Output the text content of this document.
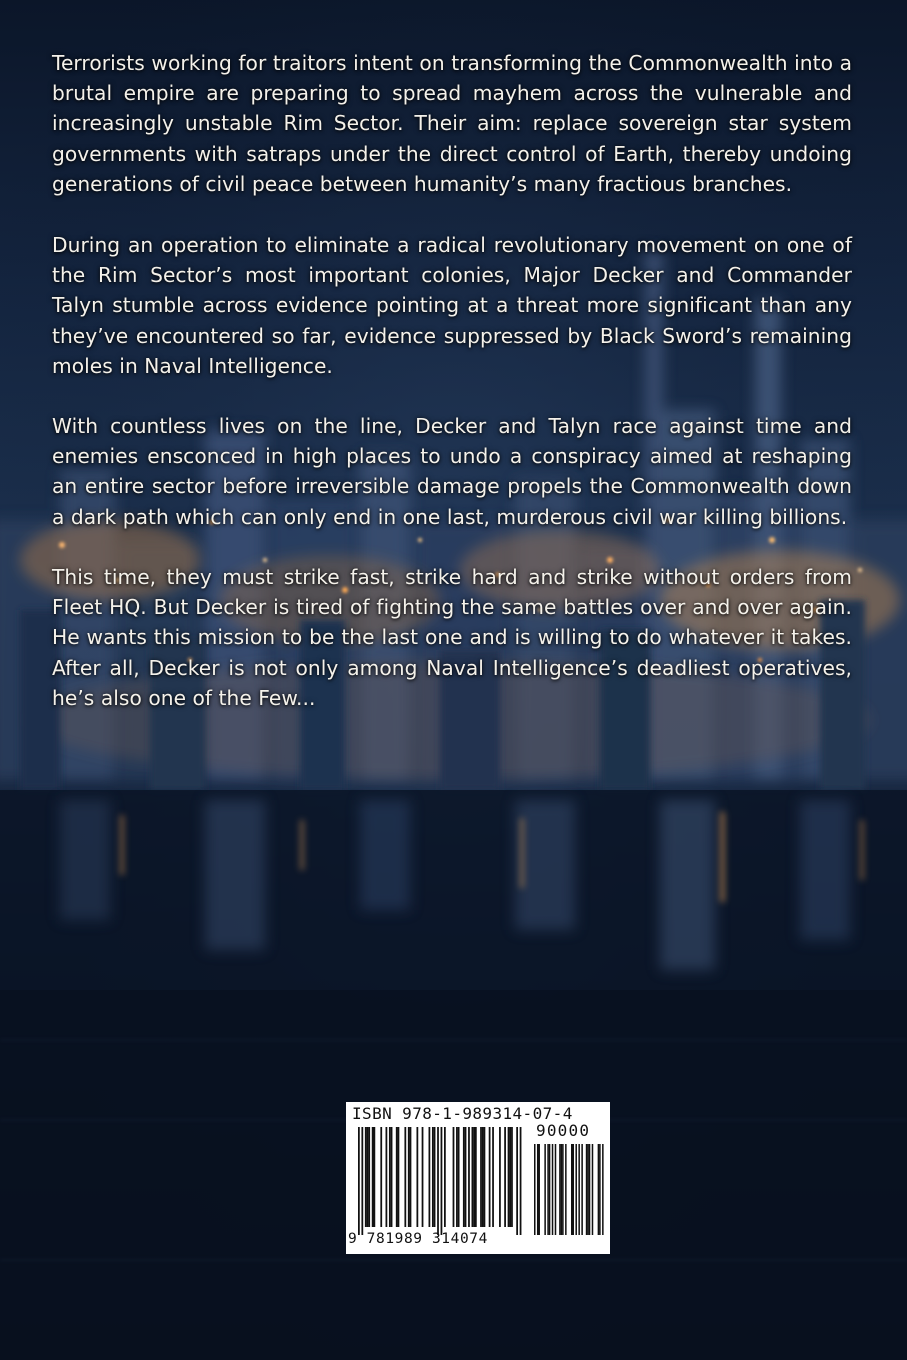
Terrorists working for traitors intent on transforming the Commonwealth into a brutal empire are preparing to spread mayhem across the vulnerable and increasingly unstable Rim Sector. Their aim: replace sovereign star system governments with satraps under the direct control of Earth, thereby undoing generations of civil peace between humanity’s many fractious branches.

During an operation to eliminate a radical revolutionary movement on one of the Rim Sector’s most important colonies, Major Decker and Commander Talyn stumble across evidence pointing at a threat more significant than any they’ve encountered so far, evidence suppressed by Black Sword’s remaining moles in Naval Intelligence.

With countless lives on the line, Decker and Talyn race against time and enemies ensconced in high places to undo a conspiracy aimed at reshaping an entire sector before irreversible damage propels the Commonwealth down a dark path which can only end in one last, murderous civil war killing billions.

This time, they must strike fast, strike hard and strike without orders from Fleet HQ. But Decker is tired of fighting the same battles over and over again. He wants this mission to be the last one and is willing to do whatever it takes. After all, Decker is not only among Naval Intelligence’s deadliest operatives, he’s also one of the Few...

ISBN 978-1-989314-07-4
90000
9 781989 314074
